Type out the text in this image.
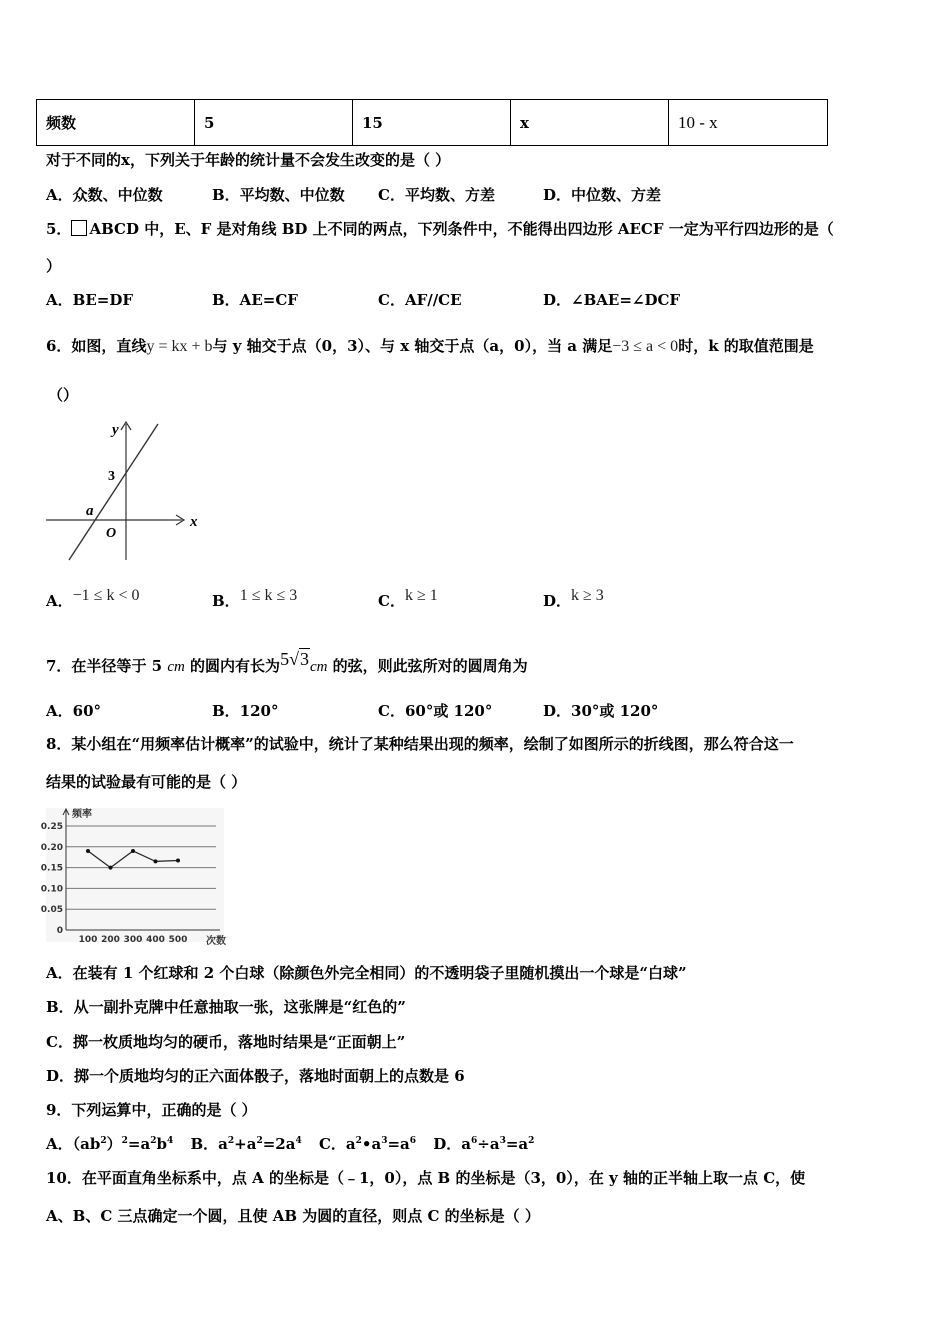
频数	5	15	x	10 - x
对于不同的x，下列关于年龄的统计量不会发生改变的是（ ）
A．众数、中位数	B．平均数、中位数 C．平均数、方差	D．中位数、方差
5． ABCD 中，E、F 是对角线 BD 上不同的两点，下列条件中，不能得出四边形 AECF 一定为平行四边形的是（
）
A．BE=DF	B．AE=CF	C．AF//CE	D．∠BAE=∠DCF
6．如图，直线y = kx + b与 y 轴交于点（0，3）、与 x 轴交于点（a，0），当 a 满足−3 ≤ a < 0时，k 的取值范围是
（）
x
y
3
a
O
A．−1 ≤ k < 0	B．1 ≤ k ≤ 3	C．k ≥ 1	D．k ≥ 3
7．在半径等于 5 cm 的圆内有长为5√3cm 的弦，则此弦所对的圆周角为
A．60°	B．120°	C．60°或 120°	D．30°或 120°
8．某小组在“用频率估计概率”的试验中，统计了某种结果出现的频率，绘制了如图所示的折线图，那么符合这一
结果的试验最有可能的是（ ）
0
0.05
0.10
0.15
0.20
0.25
频率
次数
100 200 300 400 500
A．在装有 1 个红球和 2 个白球（除颜色外完全相同）的不透明袋子里随机摸出一个球是“白球”
B．从一副扑克牌中任意抽取一张，这张牌是“红色的”
C．掷一枚质地均匀的硬币，落地时结果是“正面朝上”
D．掷一个质地均匀的正六面体骰子，落地时面朝上的点数是 6
9．下列运算中，正确的是（ ）
A．$(ab^2)^2=a^2b^4$ B．$a^2+a^2=2a^4$ C．$a^2•a^3=a^6$ D．$a^6\div a^3=a^2$
10．在平面直角坐标系中，点 A 的坐标是（﹣1，0），点 B 的坐标是（3，0），在 y 轴的正半轴上取一点 C，使
A、B、C 三点确定一个圆，且使 AB 为圆的直径，则点 C 的坐标是（ ）
